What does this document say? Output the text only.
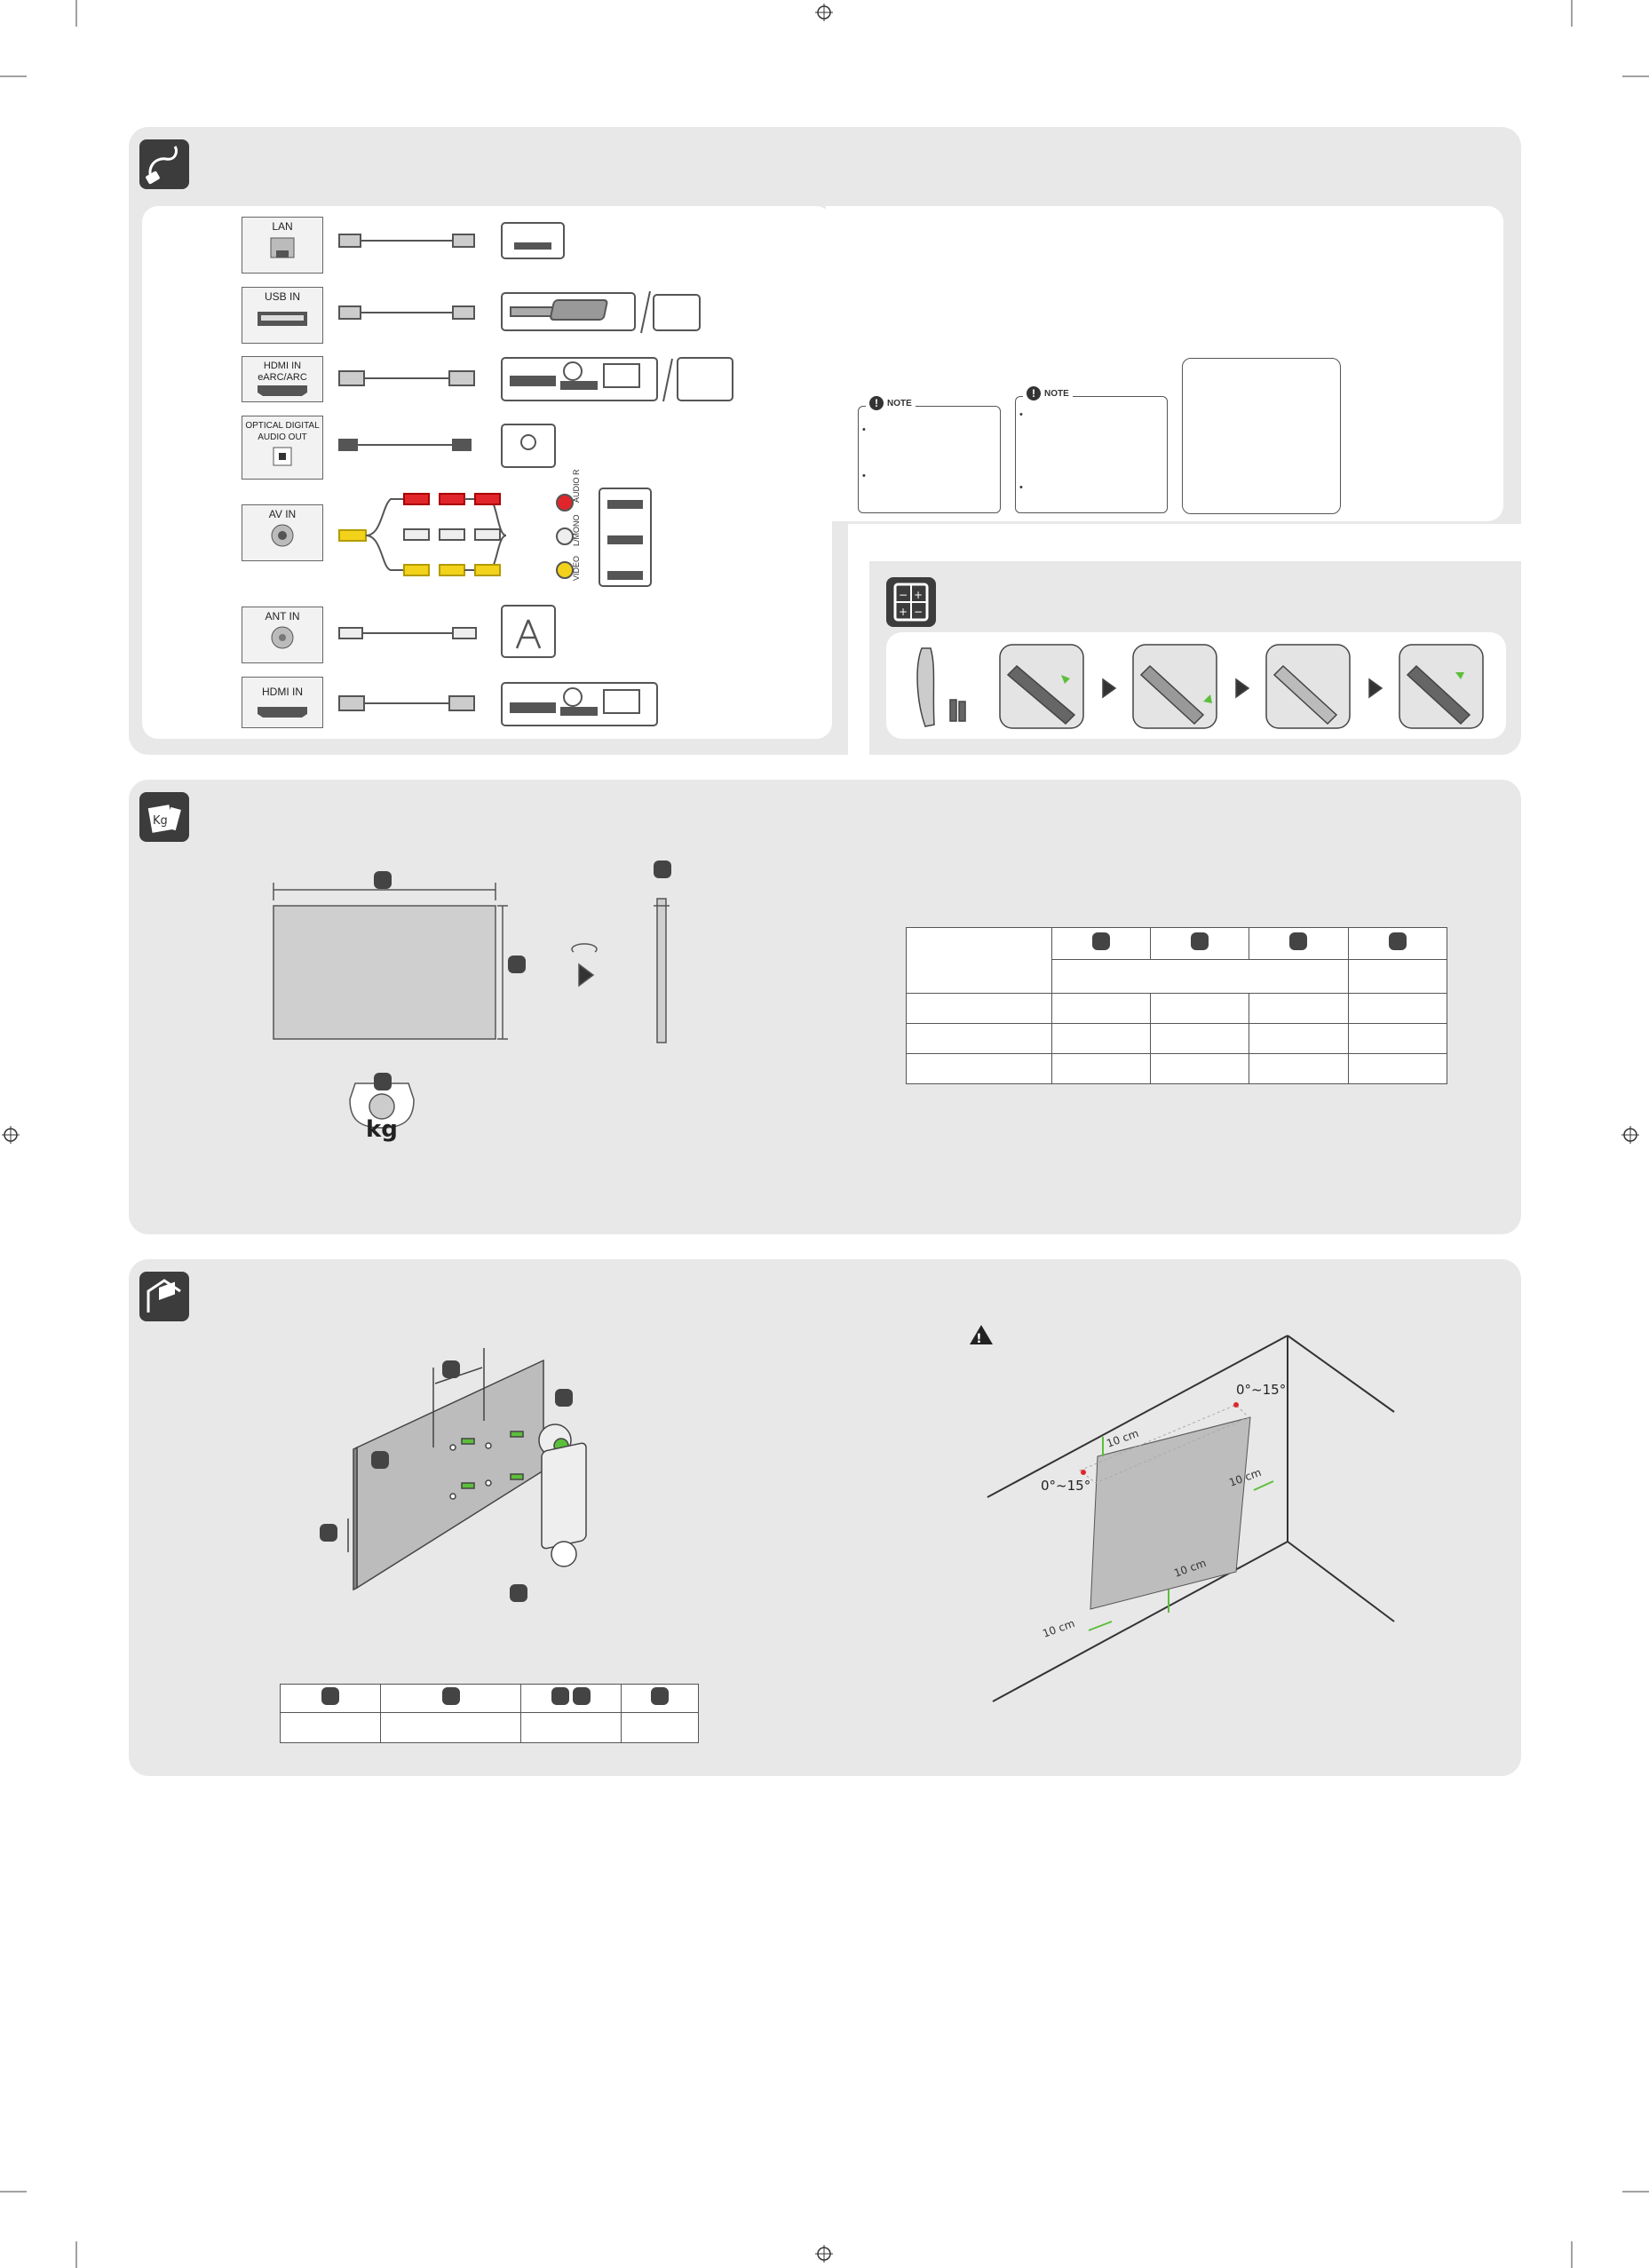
LAN
USB IN
HDMI IN eARC/ARC
OPTICAL DIGITAL AUDIO OUT
AV IN
ANT IN
HDMI IN
AUDIO R
L/MONO
VIDEO
!	NOTE
•
•
!	NOTE
•
•
− +
+ −
Kg
kg

!
0°~15°
0°~15°
10 cm
10 cm
10 cm
10 cm
